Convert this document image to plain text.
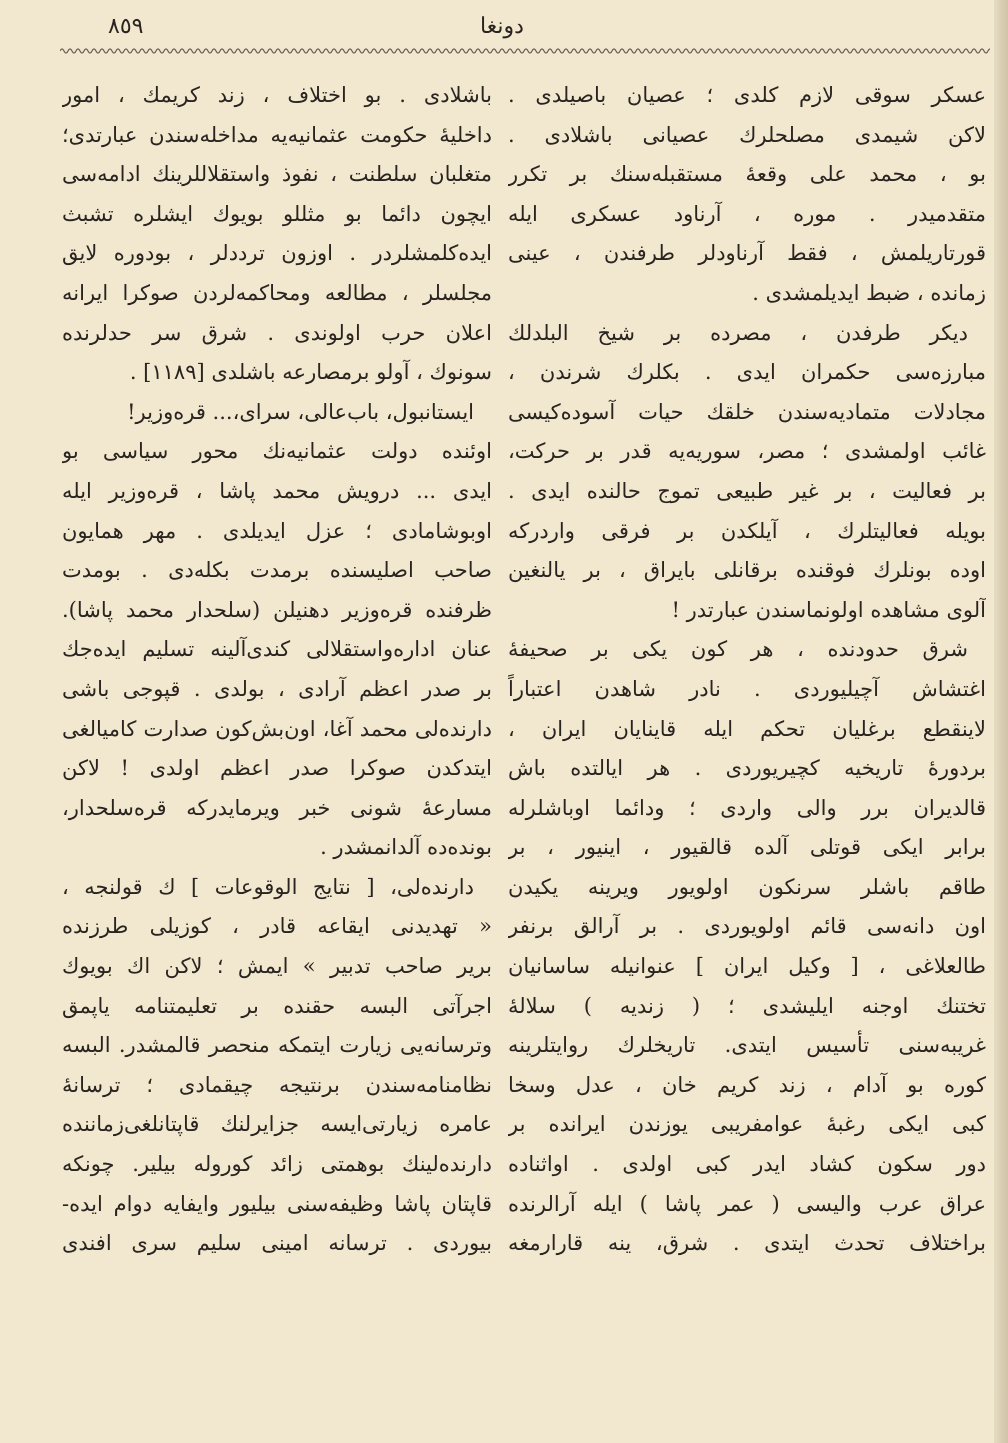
٨٥٩	دونغا
عسكر سوقی لازم كلدی ؛ عصیان باصیلدی .
لاكن شیمدی مصلحلرك عصیانی باشلادی .
بو ، محمد علی وقعهٔ مستقبله‌سنك بر تكرر
متقدمیدر . موره ، آرناود عسكری ایله
قورتاریلمش ، فقط آرناودلر طرفندن ، عینی
زمانده ، ضبط ایدیلمشدی .
دیكر طرفدن ، مصرده بر شیخ البلدلك
مبارزه‌سی حكمران ایدی . بكلرك شرندن ،
مجادلات متمادیه‌سندن خلقك حیات آسوده‌كیسی
غائب اولمشدی ؛ مصر، سوریه‌یه قدر بر حركت،
بر فعالیت ، بر غیر طبیعی تموج حالنده ایدی .
بویله فعالیتلرك ، آیلكدن بر فرقی واردركه
اوده بونلرك فوقنده برقانلی بایراق ، بر یالنغین
آلوی مشاهده اولونماسندن عبارتدر !
شرق حدودنده ، هر كون یكی بر صحیفهٔ
اغتشاش آچیلیوردی . نادر شاهدن اعتباراً
لاینقطع برغلیان تحكم ایله قاینایان ایران ،
بردورهٔ تاریخیه كچیریوردی . هر ایالتده باش
قالدیران برر والی واردی ؛ ودائما اوباشلرله
برابر ایكی قوتلی آلده قالقیور ، اینیور ، بر
طاقم باشلر سرنكون اولویور ویرینه یكیدن
اون دانه‌سی قائم اولویوردی . بر آرالق برنفر
طالعلاغی ، [ وكیل ایران ] عنوانیله ساسانیان
تختنك اوجنه ایلیشدی ؛ ( زندیه ) سلالهٔ
غریبه‌سنی تأسیس ایتدی. تاریخلرك روایتلرینه
كوره بو آدام ، زند كریم خان ، عدل وسخا
كبی ایكی رغبهٔ عوامفریبی یوزندن ایرانده بر
دور سكون كشاد ایدر كبی اولدی . اواثناده
عراق عرب والیسی ( عمر پاشا ) ایله آرالرنده
براختلاف تحدث ایتدی . شرق، ینه قارارمغه
باشلادی . بو اختلاف ، زند كریمك ، امور
داخلیهٔ حكومت عثمانیه‌یه مداخله‌سندن عبارتدی؛
متغلبان سلطنت ، نفوذ واستقلاللرینك ادامه‌سی
ایچون دائما بو مثللو بویوك ایشلره تشبث
ایده‌كلمشلردر . اوزون ترددلر ، بودوره لایق
مجلسلر ، مطالعه ومحاكمه‌لردن صوكرا ایرانه
اعلان حرب اولوندی . شرق سر حدلرنده
سونوك ، آولو برمصارعه باشلدی [١١٨٩] .
ایستانبول، باب‌عالی، سرای،... قره‌وزیر!
اوئنده دولت عثمانیه‌نك محور سیاسی بو
ایدی ... درویش محمد پاشا ، قره‌وزیر ایله
اوبوشامادی ؛ عزل ایدیلدی . مهر همایون
صاحب اصلیسنده برمدت بكله‌دی . بومدت
ظرفنده قره‌وزیر دهنیلن (سلحدار محمد پاشا).
عنان اداره‌واستقلالی كندی‌آلینه تسلیم ایده‌جك
بر صدر اعظم آرادی ، بولدی . قپوجی باشی
دارنده‌لی محمد آغا، اون‌بش‌كون صدارت كامیالغی
ایتدكدن صوكرا صدر اعظم اولدی ! لاكن
مسارعهٔ شونی خبر ویرمایدركه قره‌سلحدار،
بونده‌ده آلدانمشدر .
دارنده‌لی، [ نتایج الوقوعات ] ك قولنجه ،
« تهدیدنی ایقاعه قادر ، كوزیلی طرزنده
بریر صاحب تدبیر » ایمش ؛ لاكن اك بویوك
اجرآتی البسه حقنده بر تعلیمتنامه یاپمق
وترسانه‌یی زیارت ایتمكه منحصر قالمشدر. البسه
نظامنامه‌سندن برنتیجه چیقمادی ؛ ترسانهٔ
عامره زیارتی‌ایسه جزایرلنك قاپتانلغی‌زماننده
دارنده‌لینك بوهمتی زائد كوروله بیلیر. چونكه
قاپتان پاشا وظیفه‌سنی بیلیور وایفایه دوام ایده-
بیوردی . ترسانه امینی سلیم سری افندی
